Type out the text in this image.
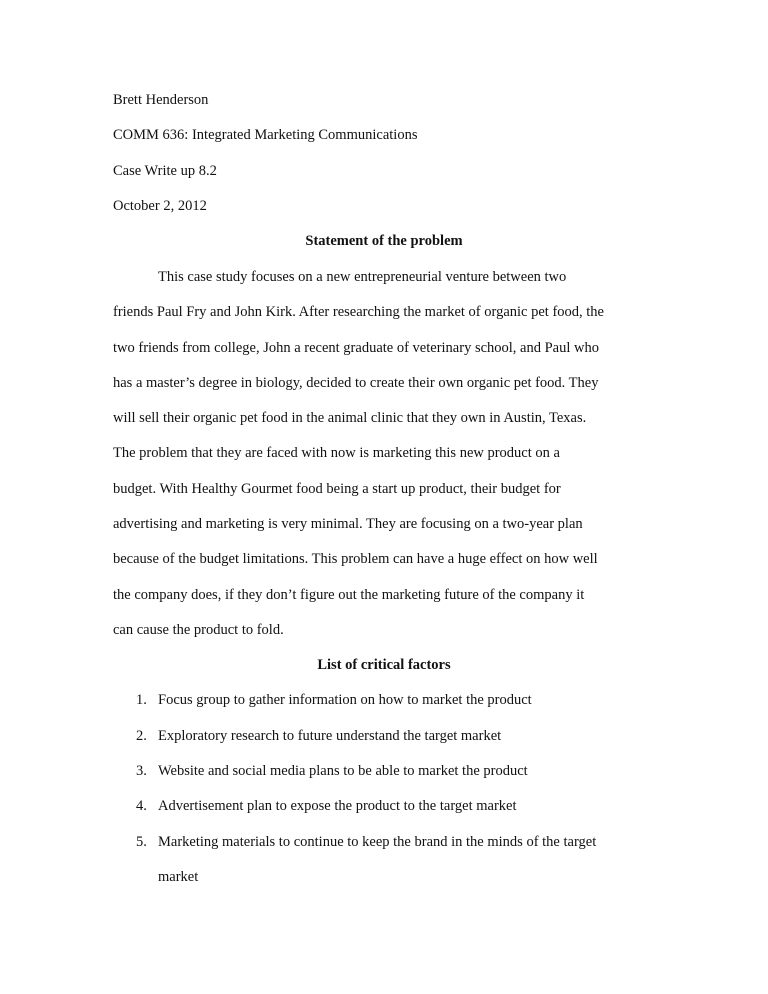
Brett Henderson
COMM 636: Integrated Marketing Communications
Case Write up 8.2
October 2, 2012
Statement of the problem
This case study focuses on a new entrepreneurial venture between two
friends Paul Fry and John Kirk. After researching the market of organic pet food, the
two friends from college, John a recent graduate of veterinary school, and Paul who
has a master’s degree in biology, decided to create their own organic pet food. They
will sell their organic pet food in the animal clinic that they own in Austin, Texas.
The problem that they are faced with now is marketing this new product on a
budget. With Healthy Gourmet food being a start up product, their budget for
advertising and marketing is very minimal. They are focusing on a two-year plan
because of the budget limitations. This problem can have a huge effect on how well
the company does, if they don’t figure out the marketing future of the company it
can cause the product to fold.
List of critical factors
1. Focus group to gather information on how to market the product
2. Exploratory research to future understand the target market
3. Website and social media plans to be able to market the product
4. Advertisement plan to expose the product to the target market
5. Marketing materials to continue to keep the brand in the minds of the target
market
